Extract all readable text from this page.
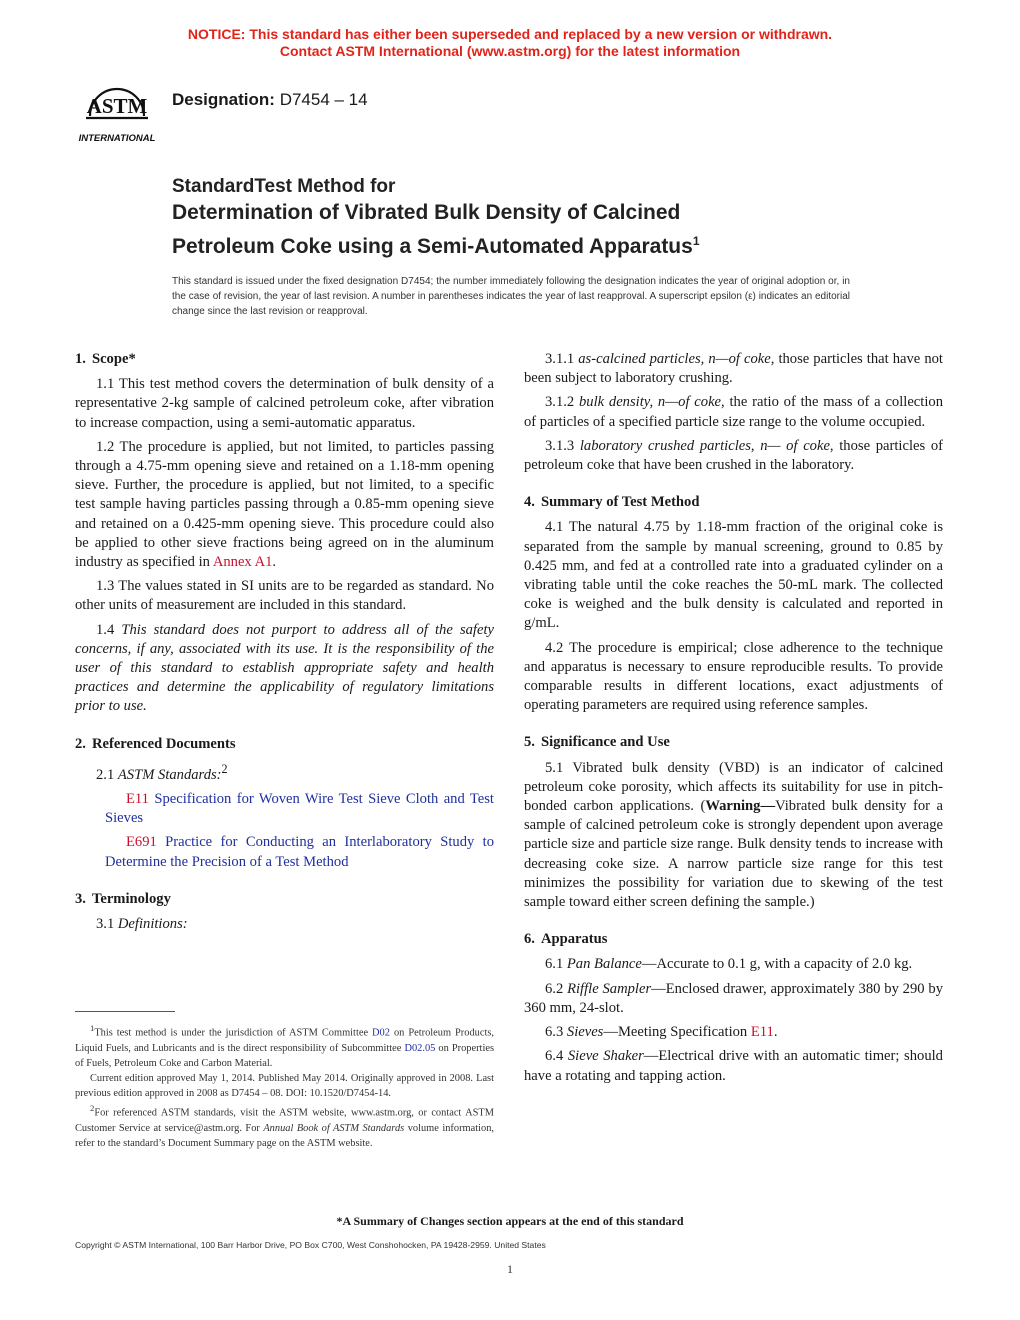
NOTICE: This standard has either been superseded and replaced by a new version or withdrawn.
Contact ASTM International (www.astm.org) for the latest information
ASTM
INTERNATIONAL
Designation: D7454 – 14
StandardTest Method for
Determination of Vibrated Bulk Density of Calcined
Petroleum Coke using a Semi-Automated Apparatus$^1$
This standard is issued under the fixed designation D7454; the number immediately following the designation indicates the year of original adoption or, in the case of revision, the year of last revision. A number in parentheses indicates the year of last reapproval. A superscript epsilon (ε) indicates an editorial change since the last revision or reapproval.
1. Scope*

1.1 This test method covers the determination of bulk density of a representative 2-kg sample of calcined petroleum coke, after vibration to increase compaction, using a semi-automatic apparatus.

1.2 The procedure is applied, but not limited, to particles passing through a 4.75-mm opening sieve and retained on a 1.18-mm opening sieve. Further, the procedure is applied, but not limited, to a specific test sample having particles passing through a 0.85-mm opening sieve and retained on a 0.425-mm opening sieve. This procedure could also be applied to other sieve fractions being agreed on in the aluminum industry as specified in Annex A1.

1.3 The values stated in SI units are to be regarded as standard. No other units of measurement are included in this standard.

1.4 This standard does not purport to address all of the safety concerns, if any, associated with its use. It is the responsibility of the user of this standard to establish appropriate safety and health practices and determine the applicability of regulatory limitations prior to use.

2. Referenced Documents

2.1 ASTM Standards:$^2$

E11 Specification for Woven Wire Test Sieve Cloth and Test Sieves

E691 Practice for Conducting an Interlaboratory Study to Determine the Precision of a Test Method

3. Terminology

3.1 Definitions:

$^1$This test method is under the jurisdiction of ASTM Committee D02 on Petroleum Products, Liquid Fuels, and Lubricants and is the direct responsibility of Subcommittee D02.05 on Properties of Fuels, Petroleum Coke and Carbon Material.

Current edition approved May 1, 2014. Published May 2014. Originally approved in 2008. Last previous edition approved in 2008 as D7454 – 08. DOI: 10.1520/D7454-14.

$^2$For referenced ASTM standards, visit the ASTM website, www.astm.org, or contact ASTM Customer Service at service@astm.org. For Annual Book of ASTM Standards volume information, refer to the standard’s Document Summary page on the ASTM website.

3.1.1 as-calcined particles, n—of coke, those particles that have not been subject to laboratory crushing.

3.1.2 bulk density, n—of coke, the ratio of the mass of a collection of particles of a specified particle size range to the volume occupied.

3.1.3 laboratory crushed particles, n— of coke, those particles of petroleum coke that have been crushed in the laboratory.

4. Summary of Test Method

4.1 The natural 4.75 by 1.18-mm fraction of the original coke is separated from the sample by manual screening, ground to 0.85 by 0.425 mm, and fed at a controlled rate into a graduated cylinder on a vibrating table until the coke reaches the 50-mL mark. The collected coke is weighed and the bulk density is calculated and reported in g/mL.

4.2 The procedure is empirical; close adherence to the technique and apparatus is necessary to ensure reproducible results. To provide comparable results in different locations, exact adjustments of operating parameters are required using reference samples.

5. Significance and Use

5.1 Vibrated bulk density (VBD) is an indicator of calcined petroleum coke porosity, which affects its suitability for use in pitch-bonded carbon applications. (Warning—Vibrated bulk density for a sample of calcined petroleum coke is strongly dependent upon average particle size and particle size range. Bulk density tends to increase with decreasing coke size. A narrow particle size range for this test minimizes the possibility for variation due to skewing of the test sample toward either screen defining the sample.)

6. Apparatus

6.1 Pan Balance—Accurate to 0.1 g, with a capacity of 2.0 kg.

6.2 Riffle Sampler—Enclosed drawer, approximately 380 by 290 by 360 mm, 24-slot.

6.3 Sieves—Meeting Specification E11.

6.4 Sieve Shaker—Electrical drive with an automatic timer; should have a rotating and tapping action.

*A Summary of Changes section appears at the end of this standard
Copyright © ASTM International, 100 Barr Harbor Drive, PO Box C700, West Conshohocken, PA 19428-2959. United States
1
